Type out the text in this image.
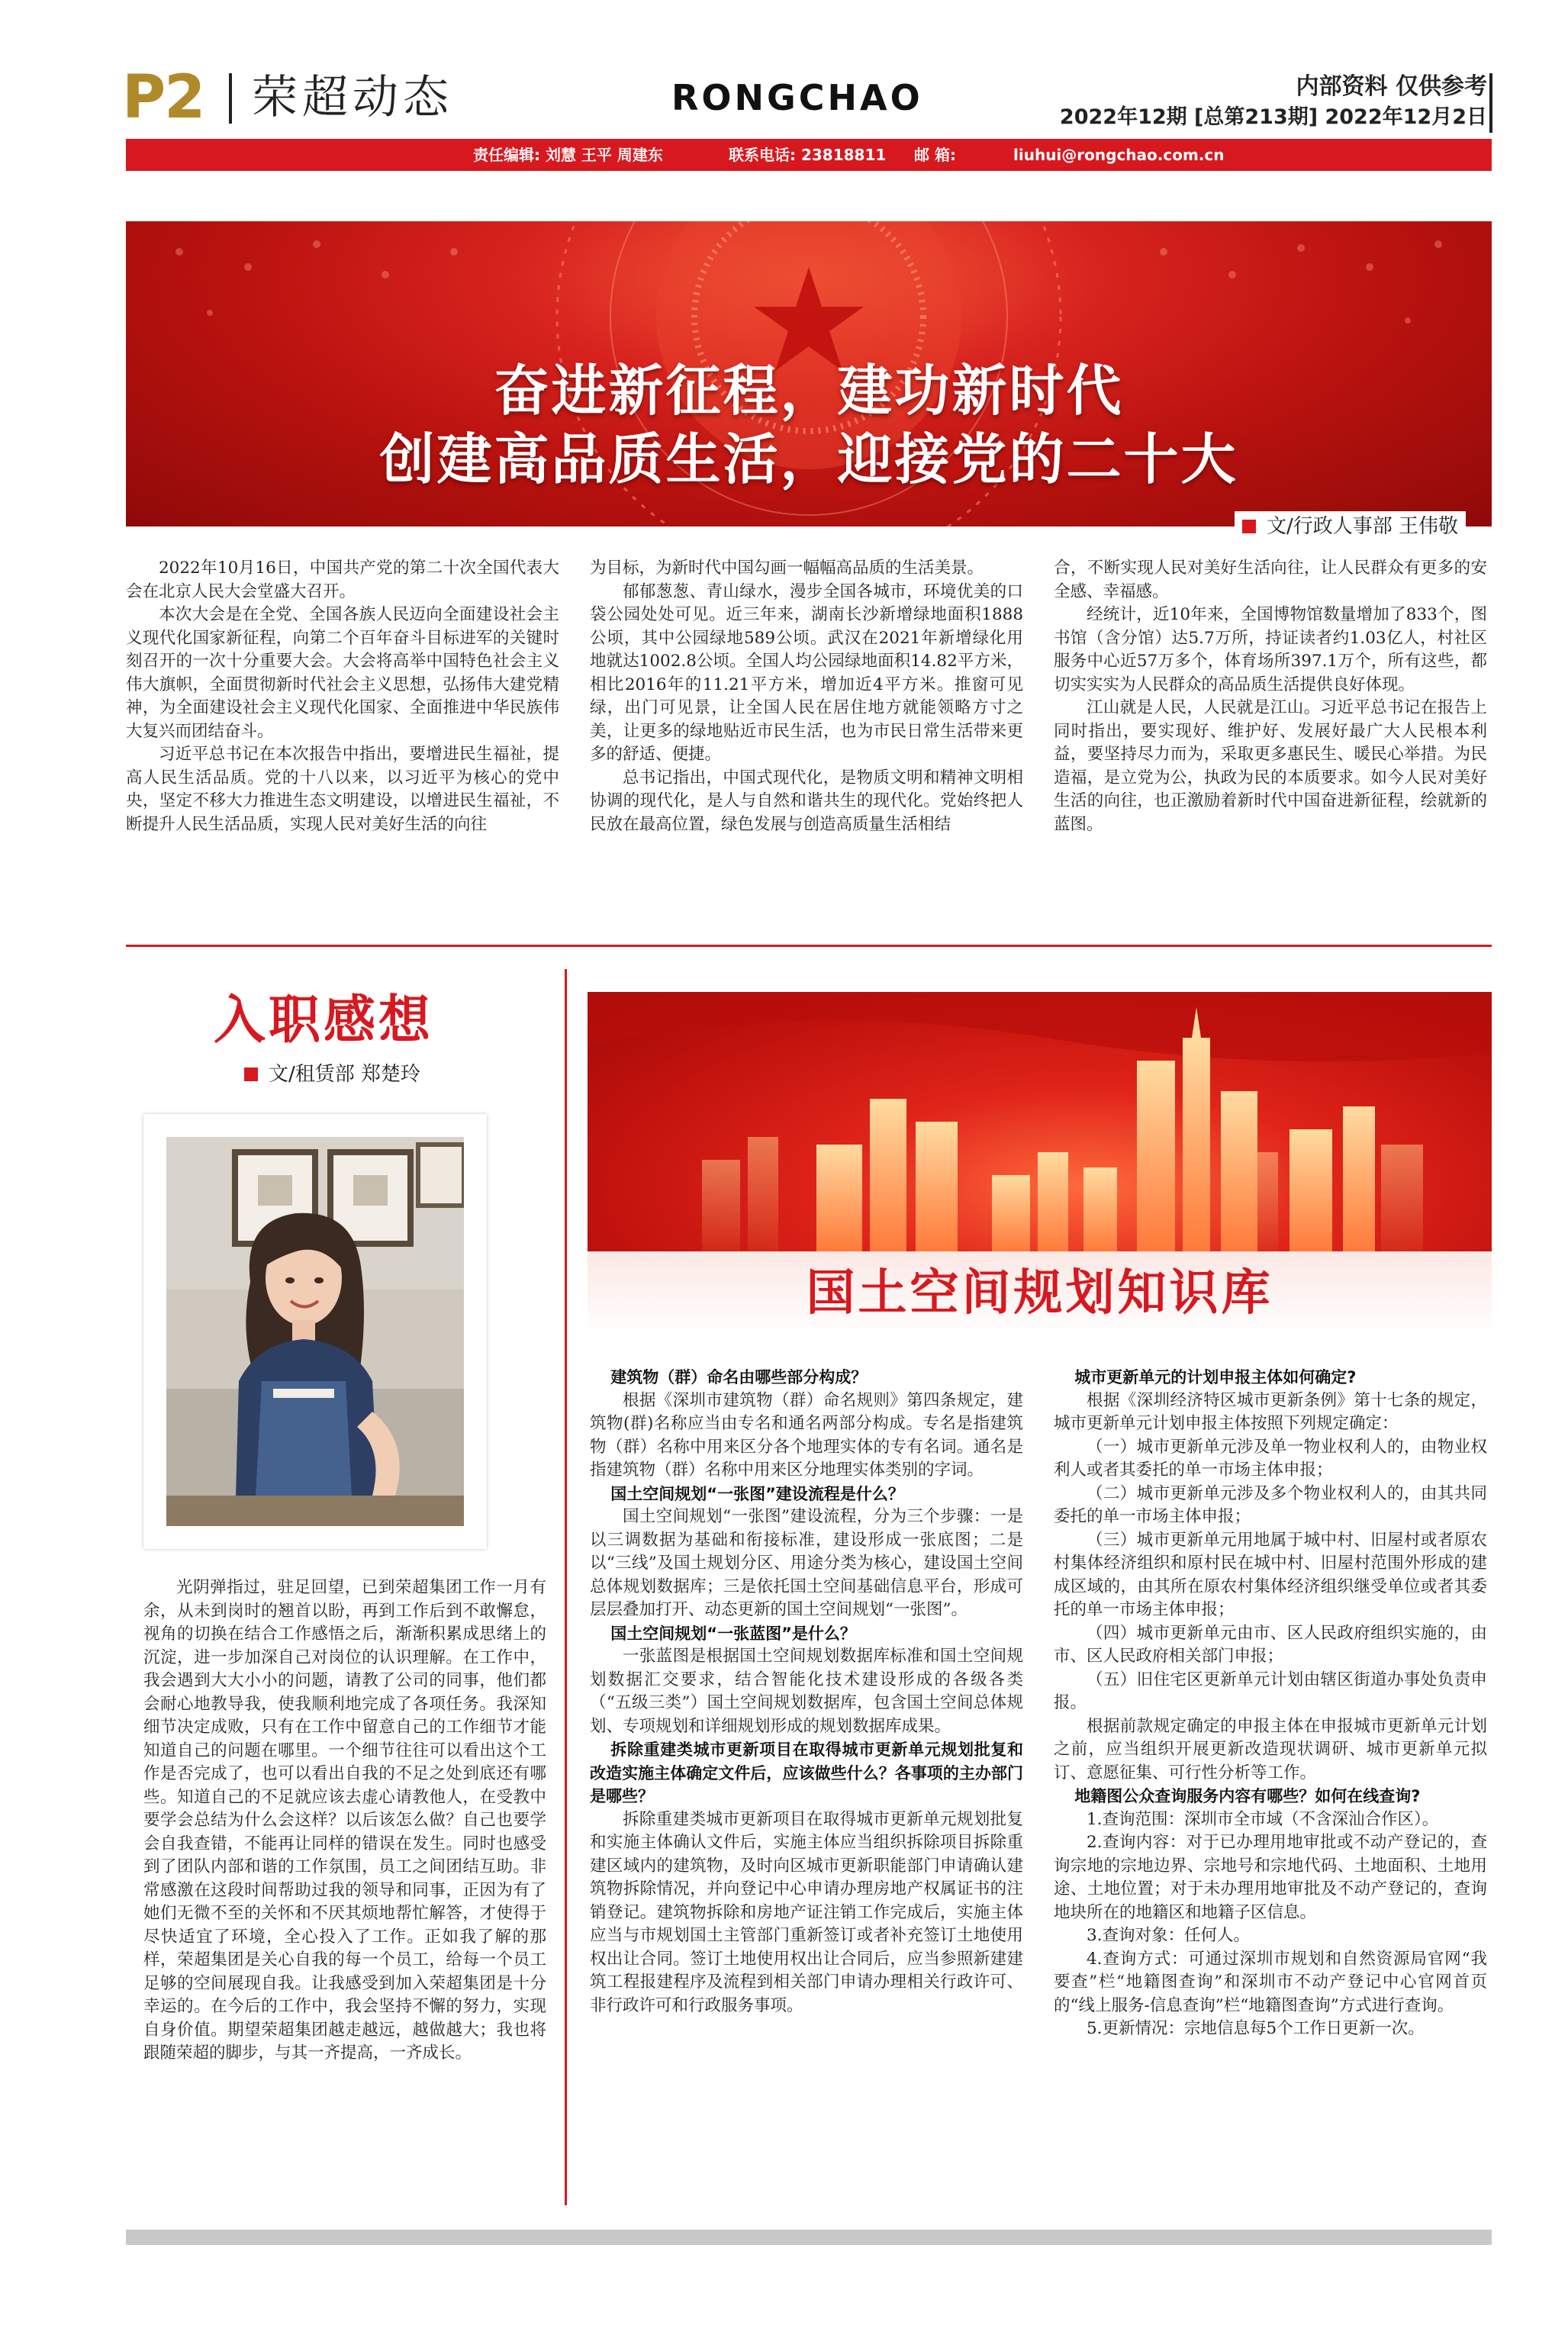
P2 荣超动态	RONGCHAO	内部资料 仅供参考
2022年12期 [总第213期] 2022年12月2日
责任编辑: 刘慧 王平 周建东	联系电话: 23818811 邮 箱:	liuhui@rongchao.com.cn
奋进新征程，建功新时代
创建高品质生活，迎接党的二十大
文/行政人事部 王伟敬

2022年10月16日，中国共产党的第二十次全国代表大会在北京人民大会堂盛大召开。

本次大会是在全党、全国各族人民迈向全面建设社会主义现代化国家新征程，向第二个百年奋斗目标进军的关键时刻召开的一次十分重要大会。大会将高举中国特色社会主义伟大旗帜，全面贯彻新时代社会主义思想，弘扬伟大建党精神，为全面建设社会主义现代化国家、全面推进中华民族伟大复兴而团结奋斗。

习近平总书记在本次报告中指出，要增进民生福祉，提高人民生活品质。党的十八以来，以习近平为核心的党中央，坚定不移大力推进生态文明建设，以增进民生福祉，不断提升人民生活品质，实现人民对美好生活的向往

为目标，为新时代中国勾画一幅幅高品质的生活美景。

郁郁葱葱、青山绿水，漫步全国各城市，环境优美的口袋公园处处可见。近三年来，湖南长沙新增绿地面积1888公顷，其中公园绿地589公顷。武汉在2021年新增绿化用地就达1002.8公顷。全国人均公园绿地面积14.82平方米，相比2016年的11.21平方米，增加近4平方米。推窗可见绿，出门可见景，让全国人民在居住地方就能领略方寸之美，让更多的绿地贴近市民生活，也为市民日常生活带来更多的舒适、便捷。

总书记指出，中国式现代化，是物质文明和精神文明相协调的现代化，是人与自然和谐共生的现代化。党始终把人民放在最高位置，绿色发展与创造高质量生活相结

合，不断实现人民对美好生活向往，让人民群众有更多的安全感、幸福感。

经统计，近10年来，全国博物馆数量增加了833个，图书馆（含分馆）达5.7万所，持证读者约1.03亿人，村社区服务中心近57万多个，体育场所397.1万个，所有这些，都切实实实为人民群众的高品质生活提供良好体现。

江山就是人民，人民就是江山。习近平总书记在报告上同时指出，要实现好、维护好、发展好最广大人民根本利益，要坚持尽力而为，采取更多惠民生、暖民心举措。为民造福，是立党为公，执政为民的本质要求。如今人民对美好生活的向往，也正激励着新时代中国奋进新征程，绘就新的蓝图。

入职感想
文/租赁部 郑楚玲

光阴弹指过，驻足回望，已到荣超集团工作一月有余，从未到岗时的翘首以盼，再到工作后到不敢懈怠，视角的切换在结合工作感悟之后，渐渐积累成思绪上的沉淀，进一步加深自己对岗位的认识理解。在工作中，我会遇到大大小小的问题，请教了公司的同事，他们都会耐心地教导我，使我顺利地完成了各项任务。我深知细节决定成败，只有在工作中留意自己的工作细节才能知道自己的问题在哪里。一个细节往往可以看出这个工作是否完成了，也可以看出自我的不足之处到底还有哪些。知道自己的不足就应该去虚心请教他人，在受教中要学会总结为什么会这样？以后该怎么做？自己也要学会自我查错，不能再让同样的错误在发生。同时也感受到了团队内部和谐的工作氛围，员工之间团结互助。非常感激在这段时间帮助过我的领导和同事，正因为有了她们无微不至的关怀和不厌其烦地帮忙解答，才使得于尽快适宜了环境，全心投入了工作。正如我了解的那样，荣超集团是关心自我的每一个员工，给每一个员工足够的空间展现自我。让我感受到加入荣超集团是十分幸运的。在今后的工作中，我会坚持不懈的努力，实现自身价值。期望荣超集团越走越远，越做越大；我也将跟随荣超的脚步，与其一齐提高，一齐成长。

国土空间规划知识库
建筑物（群）命名由哪些部分构成？

根据《深圳市建筑物（群）命名规则》第四条规定，建筑物(群)名称应当由专名和通名两部分构成。专名是指建筑物（群）名称中用来区分各个地理实体的专有名词。通名是指建筑物（群）名称中用来区分地理实体类别的字词。

国土空间规划“一张图”建设流程是什么？

国土空间规划“一张图”建设流程，分为三个步骤：一是以三调数据为基础和衔接标准，建设形成一张底图；二是以“三线”及国土规划分区、用途分类为核心，建设国土空间总体规划数据库；三是依托国土空间基础信息平台，形成可层层叠加打开、动态更新的国土空间规划“一张图”。

国土空间规划“一张蓝图”是什么？

一张蓝图是根据国土空间规划数据库标准和国土空间规划数据汇交要求，结合智能化技术建设形成的各级各类（“五级三类”）国土空间规划数据库，包含国土空间总体规划、专项规划和详细规划形成的规划数据库成果。

拆除重建类城市更新项目在取得城市更新单元规划批复和改造实施主体确定文件后，应该做些什么？各事项的主办部门是哪些？

拆除重建类城市更新项目在取得城市更新单元规划批复和实施主体确认文件后，实施主体应当组织拆除项目拆除重建区域内的建筑物，及时向区城市更新职能部门申请确认建筑物拆除情况，并向登记中心申请办理房地产权属证书的注销登记。建筑物拆除和房地产证注销工作完成后，实施主体应当与市规划国土主管部门重新签订或者补充签订土地使用权出让合同。签订土地使用权出让合同后，应当参照新建建筑工程报建程序及流程到相关部门申请办理相关行政许可、非行政许可和行政服务事项。

城市更新单元的计划申报主体如何确定?

根据《深圳经济特区城市更新条例》第十七条的规定，城市更新单元计划申报主体按照下列规定确定：

（一）城市更新单元涉及单一物业权利人的，由物业权利人或者其委托的单一市场主体申报；

（二）城市更新单元涉及多个物业权利人的，由其共同委托的单一市场主体申报；

（三）城市更新单元用地属于城中村、旧屋村或者原农村集体经济组织和原村民在城中村、旧屋村范围外形成的建成区域的，由其所在原农村集体经济组织继受单位或者其委托的单一市场主体申报；

（四）城市更新单元由市、区人民政府组织实施的，由市、区人民政府相关部门申报；

（五）旧住宅区更新单元计划由辖区街道办事处负责申报。

根据前款规定确定的申报主体在申报城市更新单元计划之前，应当组织开展更新改造现状调研、城市更新单元拟订、意愿征集、可行性分析等工作。

地籍图公众查询服务内容有哪些？如何在线查询?

1.查询范围：深圳市全市域（不含深汕合作区）。

2.查询内容：对于已办理用地审批或不动产登记的，查询宗地的宗地边界、宗地号和宗地代码、土地面积、土地用途、土地位置；对于未办理用地审批及不动产登记的，查询地块所在的地籍区和地籍子区信息。

3.查询对象：任何人。

4.查询方式：可通过深圳市规划和自然资源局官网“我要查”栏“地籍图查询”和深圳市不动产登记中心官网首页的“线上服务-信息查询”栏“地籍图查询”方式进行查询。

5.更新情况：宗地信息每5个工作日更新一次。
